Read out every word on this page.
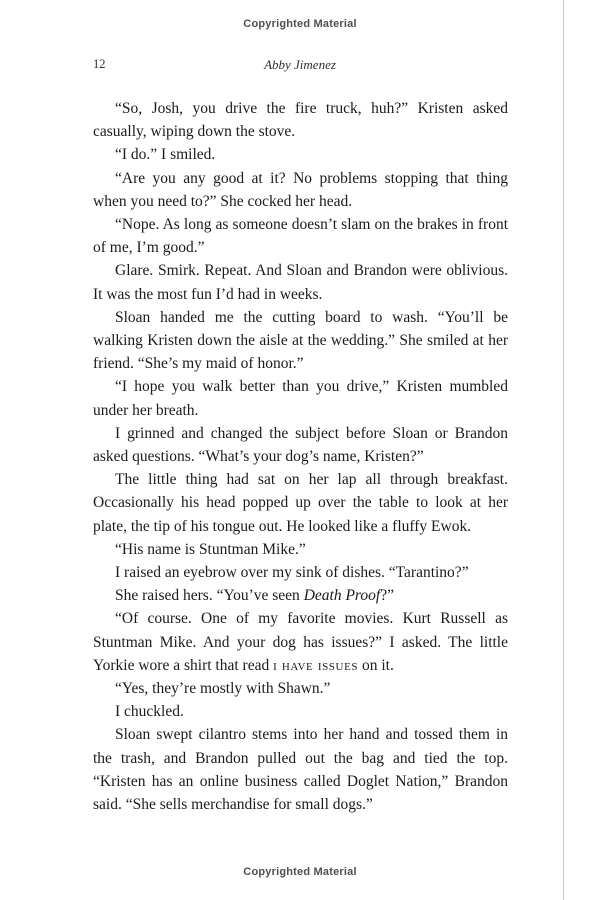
Copyrighted Material
12	Abby Jimenez

“So, Josh, you drive the fire truck, huh?” Kristen asked casually, wiping down the stove.

“I do.” I smiled.

“Are you any good at it? No problems stopping that thing when you need to?” She cocked her head.

“Nope. As long as someone doesn’t slam on the brakes in front of me, I’m good.”

Glare. Smirk. Repeat. And Sloan and Brandon were oblivious. It was the most fun I’d had in weeks.

Sloan handed me the cutting board to wash. “You’ll be walking Kristen down the aisle at the wedding.” She smiled at her friend. “She’s my maid of honor.”

“I hope you walk better than you drive,” Kristen mumbled under her breath.

I grinned and changed the subject before Sloan or Brandon asked questions. “What’s your dog’s name, Kristen?”

The little thing had sat on her lap all through breakfast. Occasionally his head popped up over the table to look at her plate, the tip of his tongue out. He looked like a fluffy Ewok.

“His name is Stuntman Mike.”

I raised an eyebrow over my sink of dishes. “Tarantino?”

She raised hers. “You’ve seen Death Proof?”

“Of course. One of my favorite movies. Kurt Russell as Stuntman Mike. And your dog has issues?” I asked. The little Yorkie wore a shirt that read i have issues on it.

“Yes, they’re mostly with Shawn.”

I chuckled.

Sloan swept cilantro stems into her hand and tossed them in the trash, and Brandon pulled out the bag and tied the top. “Kristen has an online business called Doglet Nation,” Brandon said. “She sells merchandise for small dogs.”

Copyrighted Material
